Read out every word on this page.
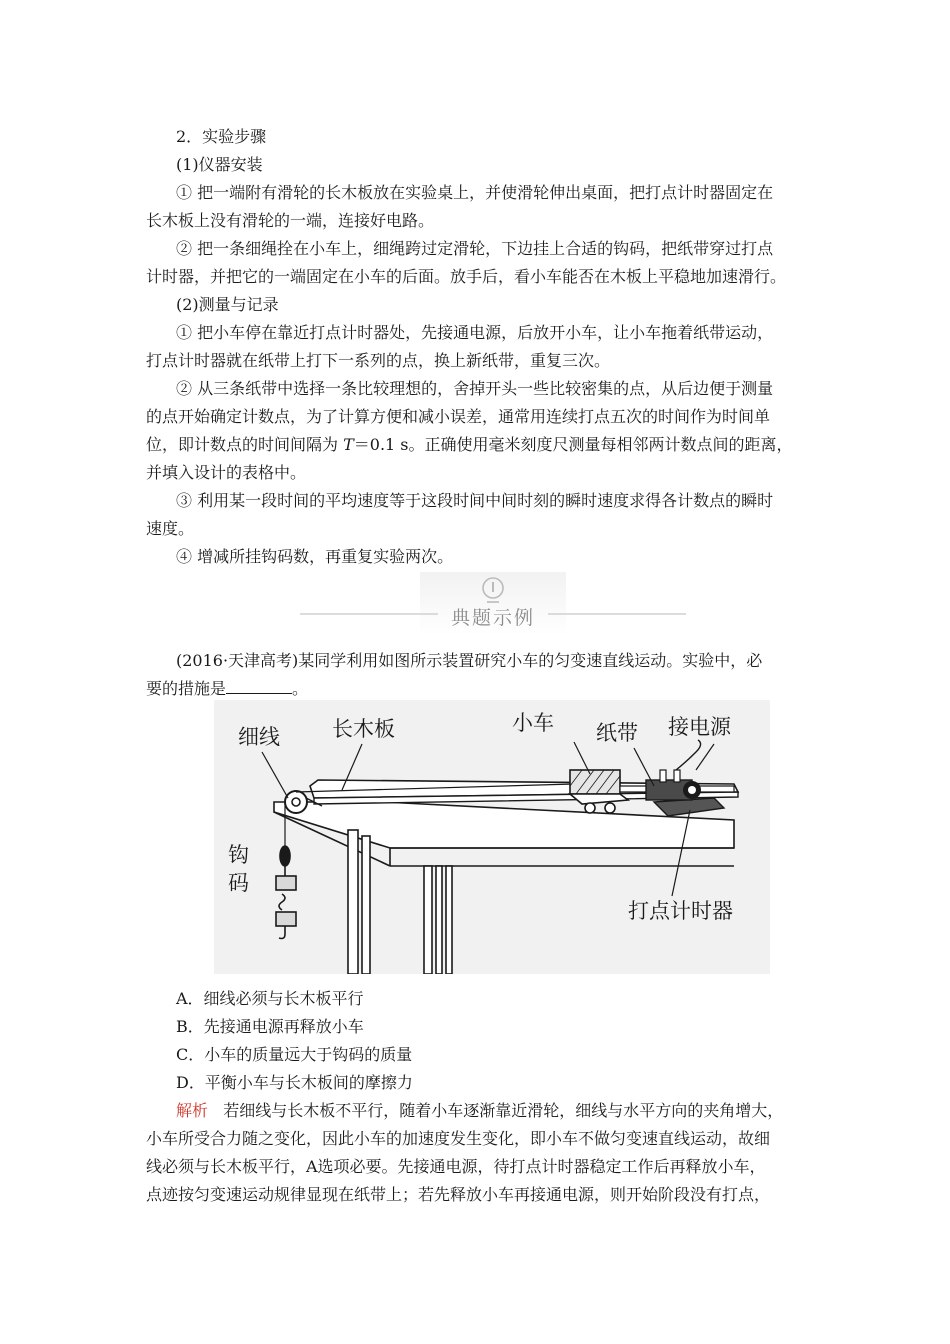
2．实验步骤
(1)仪器安装
① 把一端附有滑轮的长木板放在实验桌上，并使滑轮伸出桌面，把打点计时器固定在
长木板上没有滑轮的一端，连接好电路。
② 把一条细绳拴在小车上，细绳跨过定滑轮，下边挂上合适的钩码，把纸带穿过打点
计时器，并把它的一端固定在小车的后面。放手后，看小车能否在木板上平稳地加速滑行。
(2)测量与记录
① 把小车停在靠近打点计时器处，先接通电源，后放开小车，让小车拖着纸带运动，
打点计时器就在纸带上打下一系列的点，换上新纸带，重复三次。
② 从三条纸带中选择一条比较理想的，舍掉开头一些比较密集的点，从后边便于测量
的点开始确定计数点，为了计算方便和减小误差，通常用连续打点五次的时间作为时间单
位，即计数点的时间间隔为 T＝0.1 s。正确使用毫米刻度尺测量每相邻两计数点间的距离，
并填入设计的表格中。
③ 利用某一段时间的平均速度等于这段时间中间时刻的瞬时速度求得各计数点的瞬时
速度。
④ 增减所挂钩码数，再重复实验两次。
典题示例
(2016·天津高考)某同学利用如图所示装置研究小车的匀变速直线运动。实验中，必
要的措施是	。
细线 长木板	小车 纸带 接电源
钩
码
打点计时器
A．细线必须与长木板平行
B．先接通电源再释放小车
C．小车的质量远大于钩码的质量
D．平衡小车与长木板间的摩擦力
解析 若细线与长木板不平行，随着小车逐渐靠近滑轮，细线与水平方向的夹角增大，
小车所受合力随之变化，因此小车的加速度发生变化，即小车不做匀变速直线运动，故细
线必须与长木板平行，A选项必要。先接通电源，待打点计时器稳定工作后再释放小车，
点迹按匀变速运动规律显现在纸带上；若先释放小车再接通电源，则开始阶段没有打点，
